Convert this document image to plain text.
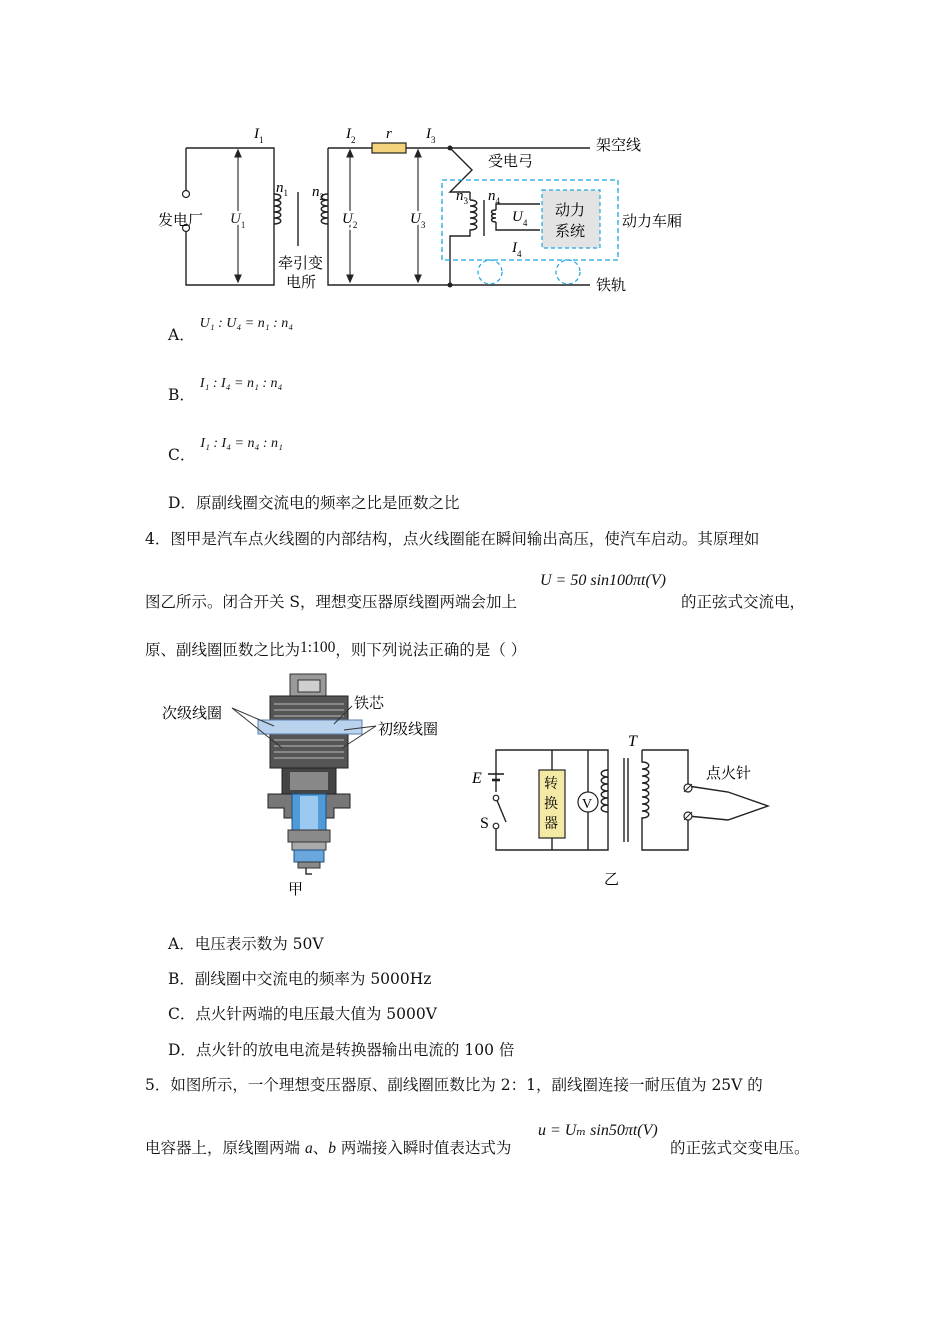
发电厂
牵引变
电所
架空线
受电弓
动力
系统
动力车厢
铁轨
$I_1$	$I_2$ r $I_3$
$I_4$
$U_1$	$U_2$	$U_3$	$U_4$
$n_1$ $n_2$	$n_3$ $n_4$
A． U₁ : U₄ = n₁ : n₄
B． I₁ : I₄ = n₁ : n₄
C． I₁ : I₄ = n₄ : n₁
D．原副线圈交流电的频率之比是匝数之比
4．图甲是汽车点火线圈的内部结构，点火线圈能在瞬间输出高压，使汽车启动。其原理如
图乙所示。闭合开关 S，理想变压器原线圈两端会加上
U = 50 sin100πt(V)
的正弦式交流电，
原、副线圈匝数之比为1:100，则下列说法正确的是（ ）
次级线圈
铁芯
初级线圈
甲
E
S
转
换
器
V
T
点火针
乙
A．电压表示数为 50V
B．副线圈中交流电的频率为 5000Hz
C．点火针两端的电压最大值为 5000V
D．点火针的放电电流是转换器输出电流的 100 倍
5．如图所示，一个理想变压器原、副线圈匝数比为 2：1，副线圈连接一耐压值为 25V 的
电容器上，原线圈两端 a、b 两端接入瞬时值表达式为
u = Uₘ sin50πt(V)
的正弦式交变电压。
